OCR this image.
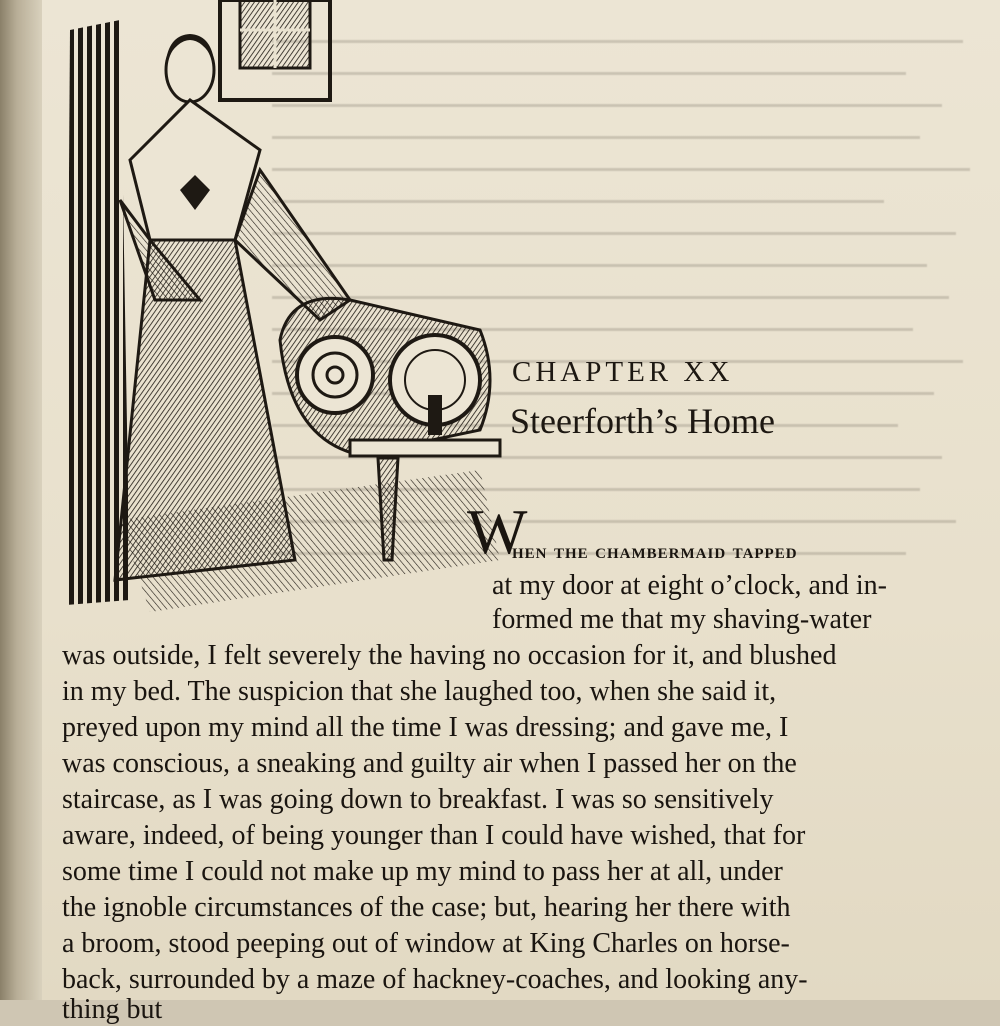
CHAPTER XX
Steerforth’s Home
W
hen the chambermaid tapped
at my door at eight o’clock, and in-
formed me that my shaving-water
was outside, I felt severely the having no occasion for it, and blushed
in my bed. The suspicion that she laughed too, when she said it,
preyed upon my mind all the time I was dressing; and gave me, I
was conscious, a sneaking and guilty air when I passed her on the
staircase, as I was going down to breakfast. I was so sensitively
aware, indeed, of being younger than I could have wished, that for
some time I could not make up my mind to pass her at all, under
the ignoble circumstances of the case; but, hearing her there with
a broom, stood peeping out of window at King Charles on horse-
back, surrounded by a maze of hackney-coaches, and looking any-
thing but
